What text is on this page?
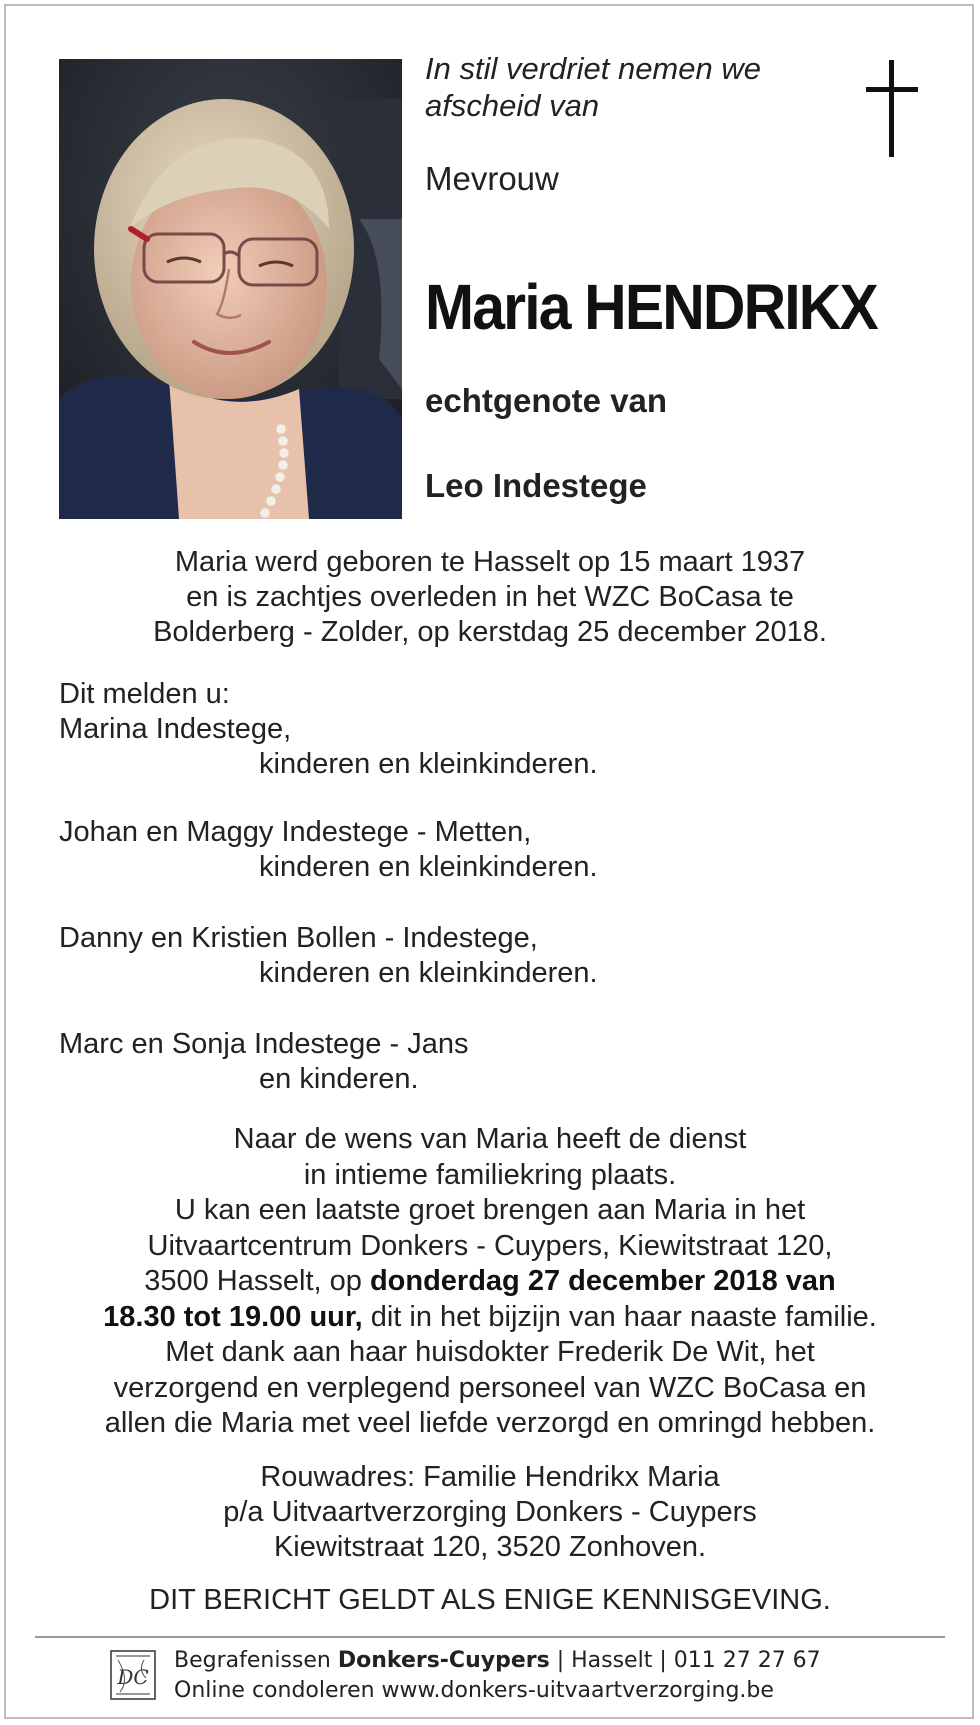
In stil verdriet nemen we
afscheid van
Mevrouw
Maria HENDRIKX
echtgenote van
Leo Indestege
Maria werd geboren te Hasselt op 15 maart 1937
en is zachtjes overleden in het WZC BoCasa te
Bolderberg - Zolder, op kerstdag 25 december 2018.
Dit melden u:
Marina Indestege,
kinderen en kleinkinderen.
Johan en Maggy Indestege - Metten,
kinderen en kleinkinderen.
Danny en Kristien Bollen - Indestege,
kinderen en kleinkinderen.
Marc en Sonja Indestege - Jans
en kinderen.
Naar de wens van Maria heeft de dienst
in intieme familiekring plaats.
U kan een laatste groet brengen aan Maria in het
Uitvaartcentrum Donkers - Cuypers, Kiewitstraat 120,
3500 Hasselt, op donderdag 27 december 2018 van
18.30 tot 19.00 uur, dit in het bijzijn van haar naaste familie.
Met dank aan haar huisdokter Frederik De Wit, het
verzorgend en verplegend personeel van WZC BoCasa en
allen die Maria met veel liefde verzorgd en omringd hebben.
Rouwadres: Familie Hendrikx Maria
p/a Uitvaartverzorging Donkers - Cuypers
Kiewitstraat 120, 3520 Zonhoven.
DIT BERICHT GELDT ALS ENIGE KENNISGEVING.
DC
Begrafenissen Donkers-Cuypers | Hasselt | 011 27 27 67
Online condoleren www.donkers-uitvaartverzorging.be
